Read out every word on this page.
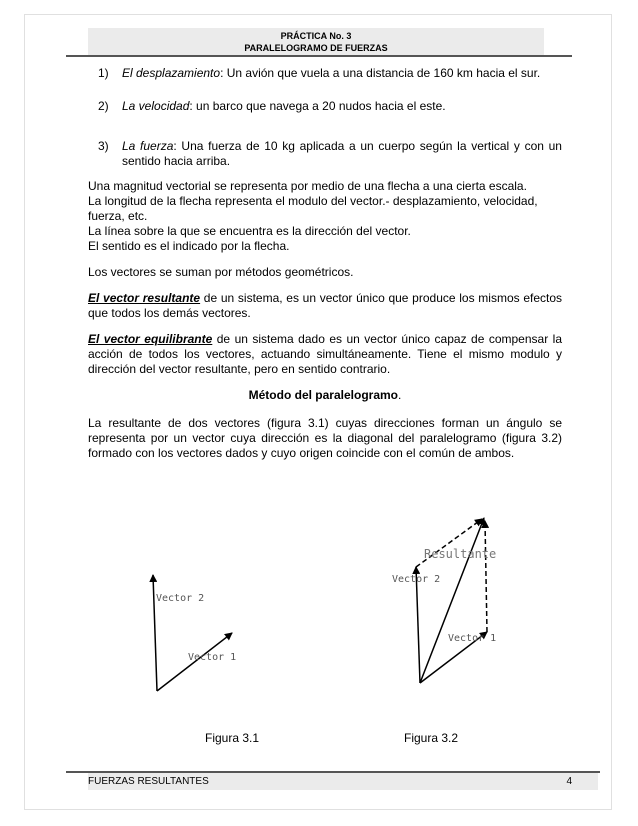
PRÁCTICA No. 3
PARALELOGRAMO DE FUERZAS
1) El desplazamiento: Un avión que vuela a una distancia de 160 km hacia el sur.
2) La velocidad: un barco que navega a 20 nudos hacia el este.
3) La fuerza: Una fuerza de 10 kg aplicada a un cuerpo según la vertical y con un sentido hacia arriba.
Una magnitud vectorial se representa por medio de una flecha a una cierta escala.
La longitud de la flecha representa el modulo del vector.- desplazamiento, velocidad, fuerza, etc.
La línea sobre la que se encuentra es la dirección del vector.
El sentido es el indicado por la flecha.
Los vectores se suman por métodos geométricos.
El vector resultante de un sistema, es un vector único que produce los mismos efectos que todos los demás vectores.
El vector equilibrante de un sistema dado es un vector único capaz de compensar la acción de todos los vectores, actuando simultáneamente. Tiene el mismo modulo y dirección del vector resultante, pero en sentido contrario.
Método del paralelogramo.
La resultante de dos vectores (figura 3.1) cuyas direcciones forman un ángulo se representa por un vector cuya dirección es la diagonal del paralelogramo (figura 3.2) formado con los vectores dados y cuyo origen coincide con el común de ambos.
Vector 2
Vector 1
Resultante
Vector 2
Vector 1
Figura 3.1	Figura 3.2
FUERZAS RESULTANTES	4
